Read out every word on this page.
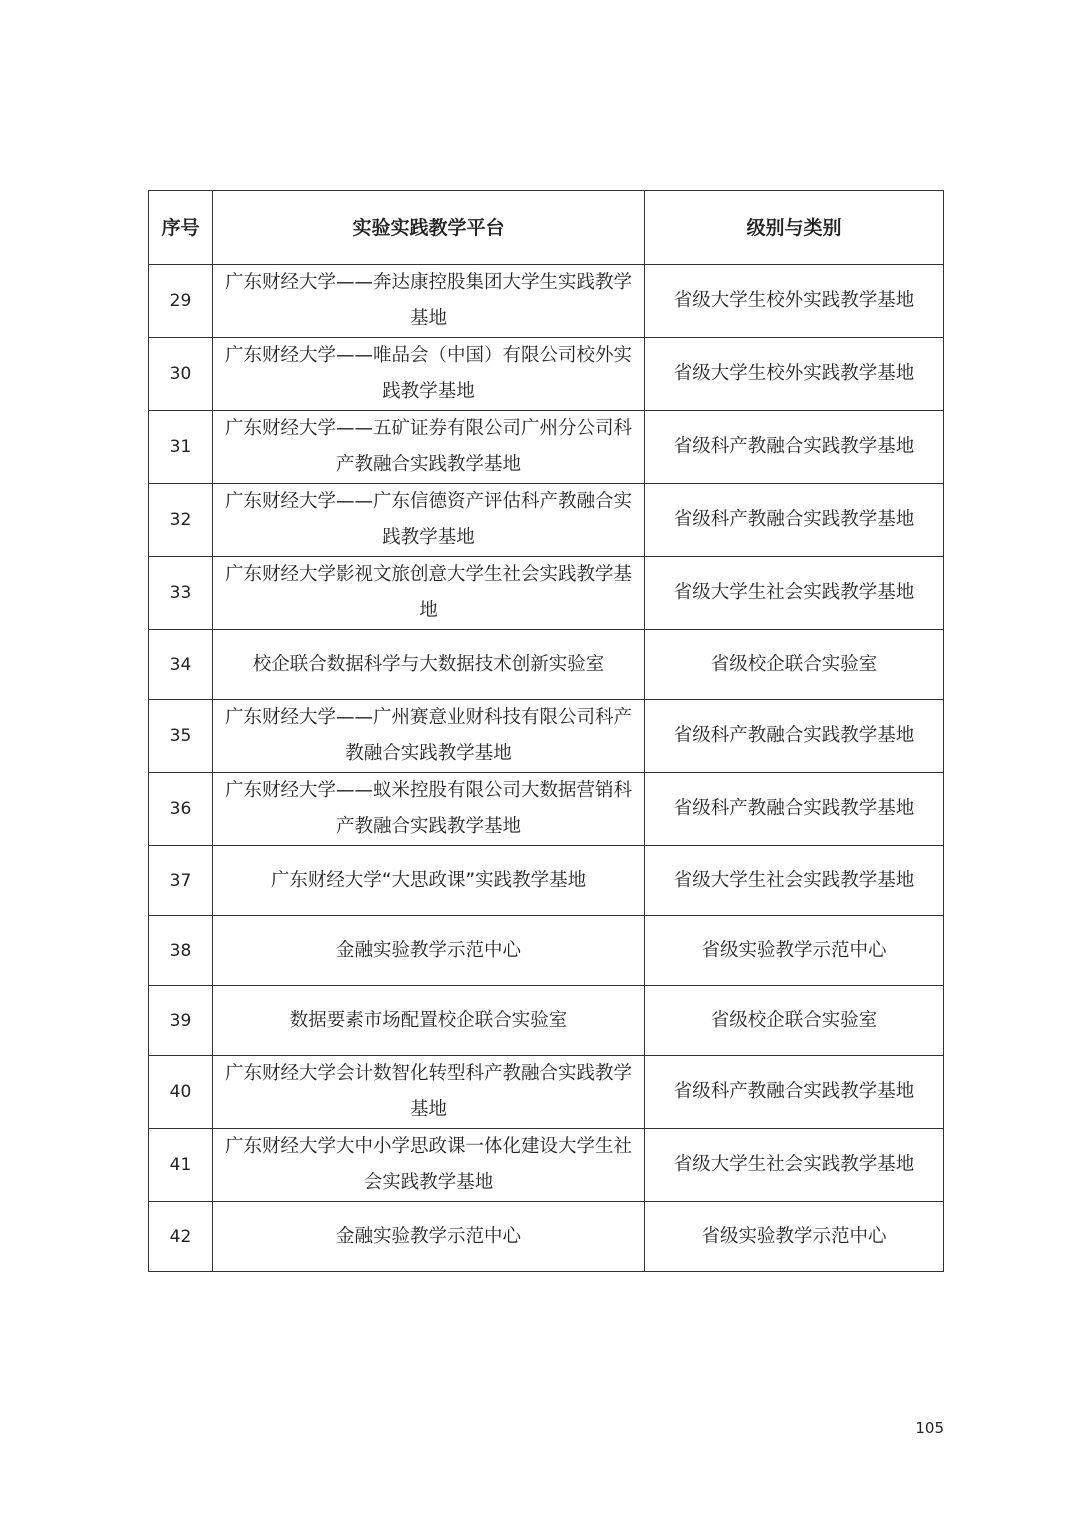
序号	实验实践教学平台	级别与类别
29	广东财经大学——奔达康控股集团大学生实践教学基地	省级大学生校外实践教学基地
30	广东财经大学——唯品会（中国）有限公司校外实践教学基地	省级大学生校外实践教学基地
31	广东财经大学——五矿证券有限公司广州分公司科产教融合实践教学基地	省级科产教融合实践教学基地
32	广东财经大学——广东信德资产评估科产教融合实践教学基地	省级科产教融合实践教学基地
33	广东财经大学影视文旅创意大学生社会实践教学基地	省级大学生社会实践教学基地
34	校企联合数据科学与大数据技术创新实验室	省级校企联合实验室
35	广东财经大学——广州赛意业财科技有限公司科产教融合实践教学基地	省级科产教融合实践教学基地
36	广东财经大学——蚁米控股有限公司大数据营销科产教融合实践教学基地	省级科产教融合实践教学基地
37	广东财经大学“大思政课”实践教学基地	省级大学生社会实践教学基地
38	金融实验教学示范中心	省级实验教学示范中心
39	数据要素市场配置校企联合实验室	省级校企联合实验室
40	广东财经大学会计数智化转型科产教融合实践教学基地	省级科产教融合实践教学基地
41	广东财经大学大中小学思政课一体化建设大学生社会实践教学基地	省级大学生社会实践教学基地
42	金融实验教学示范中心	省级实验教学示范中心
105
